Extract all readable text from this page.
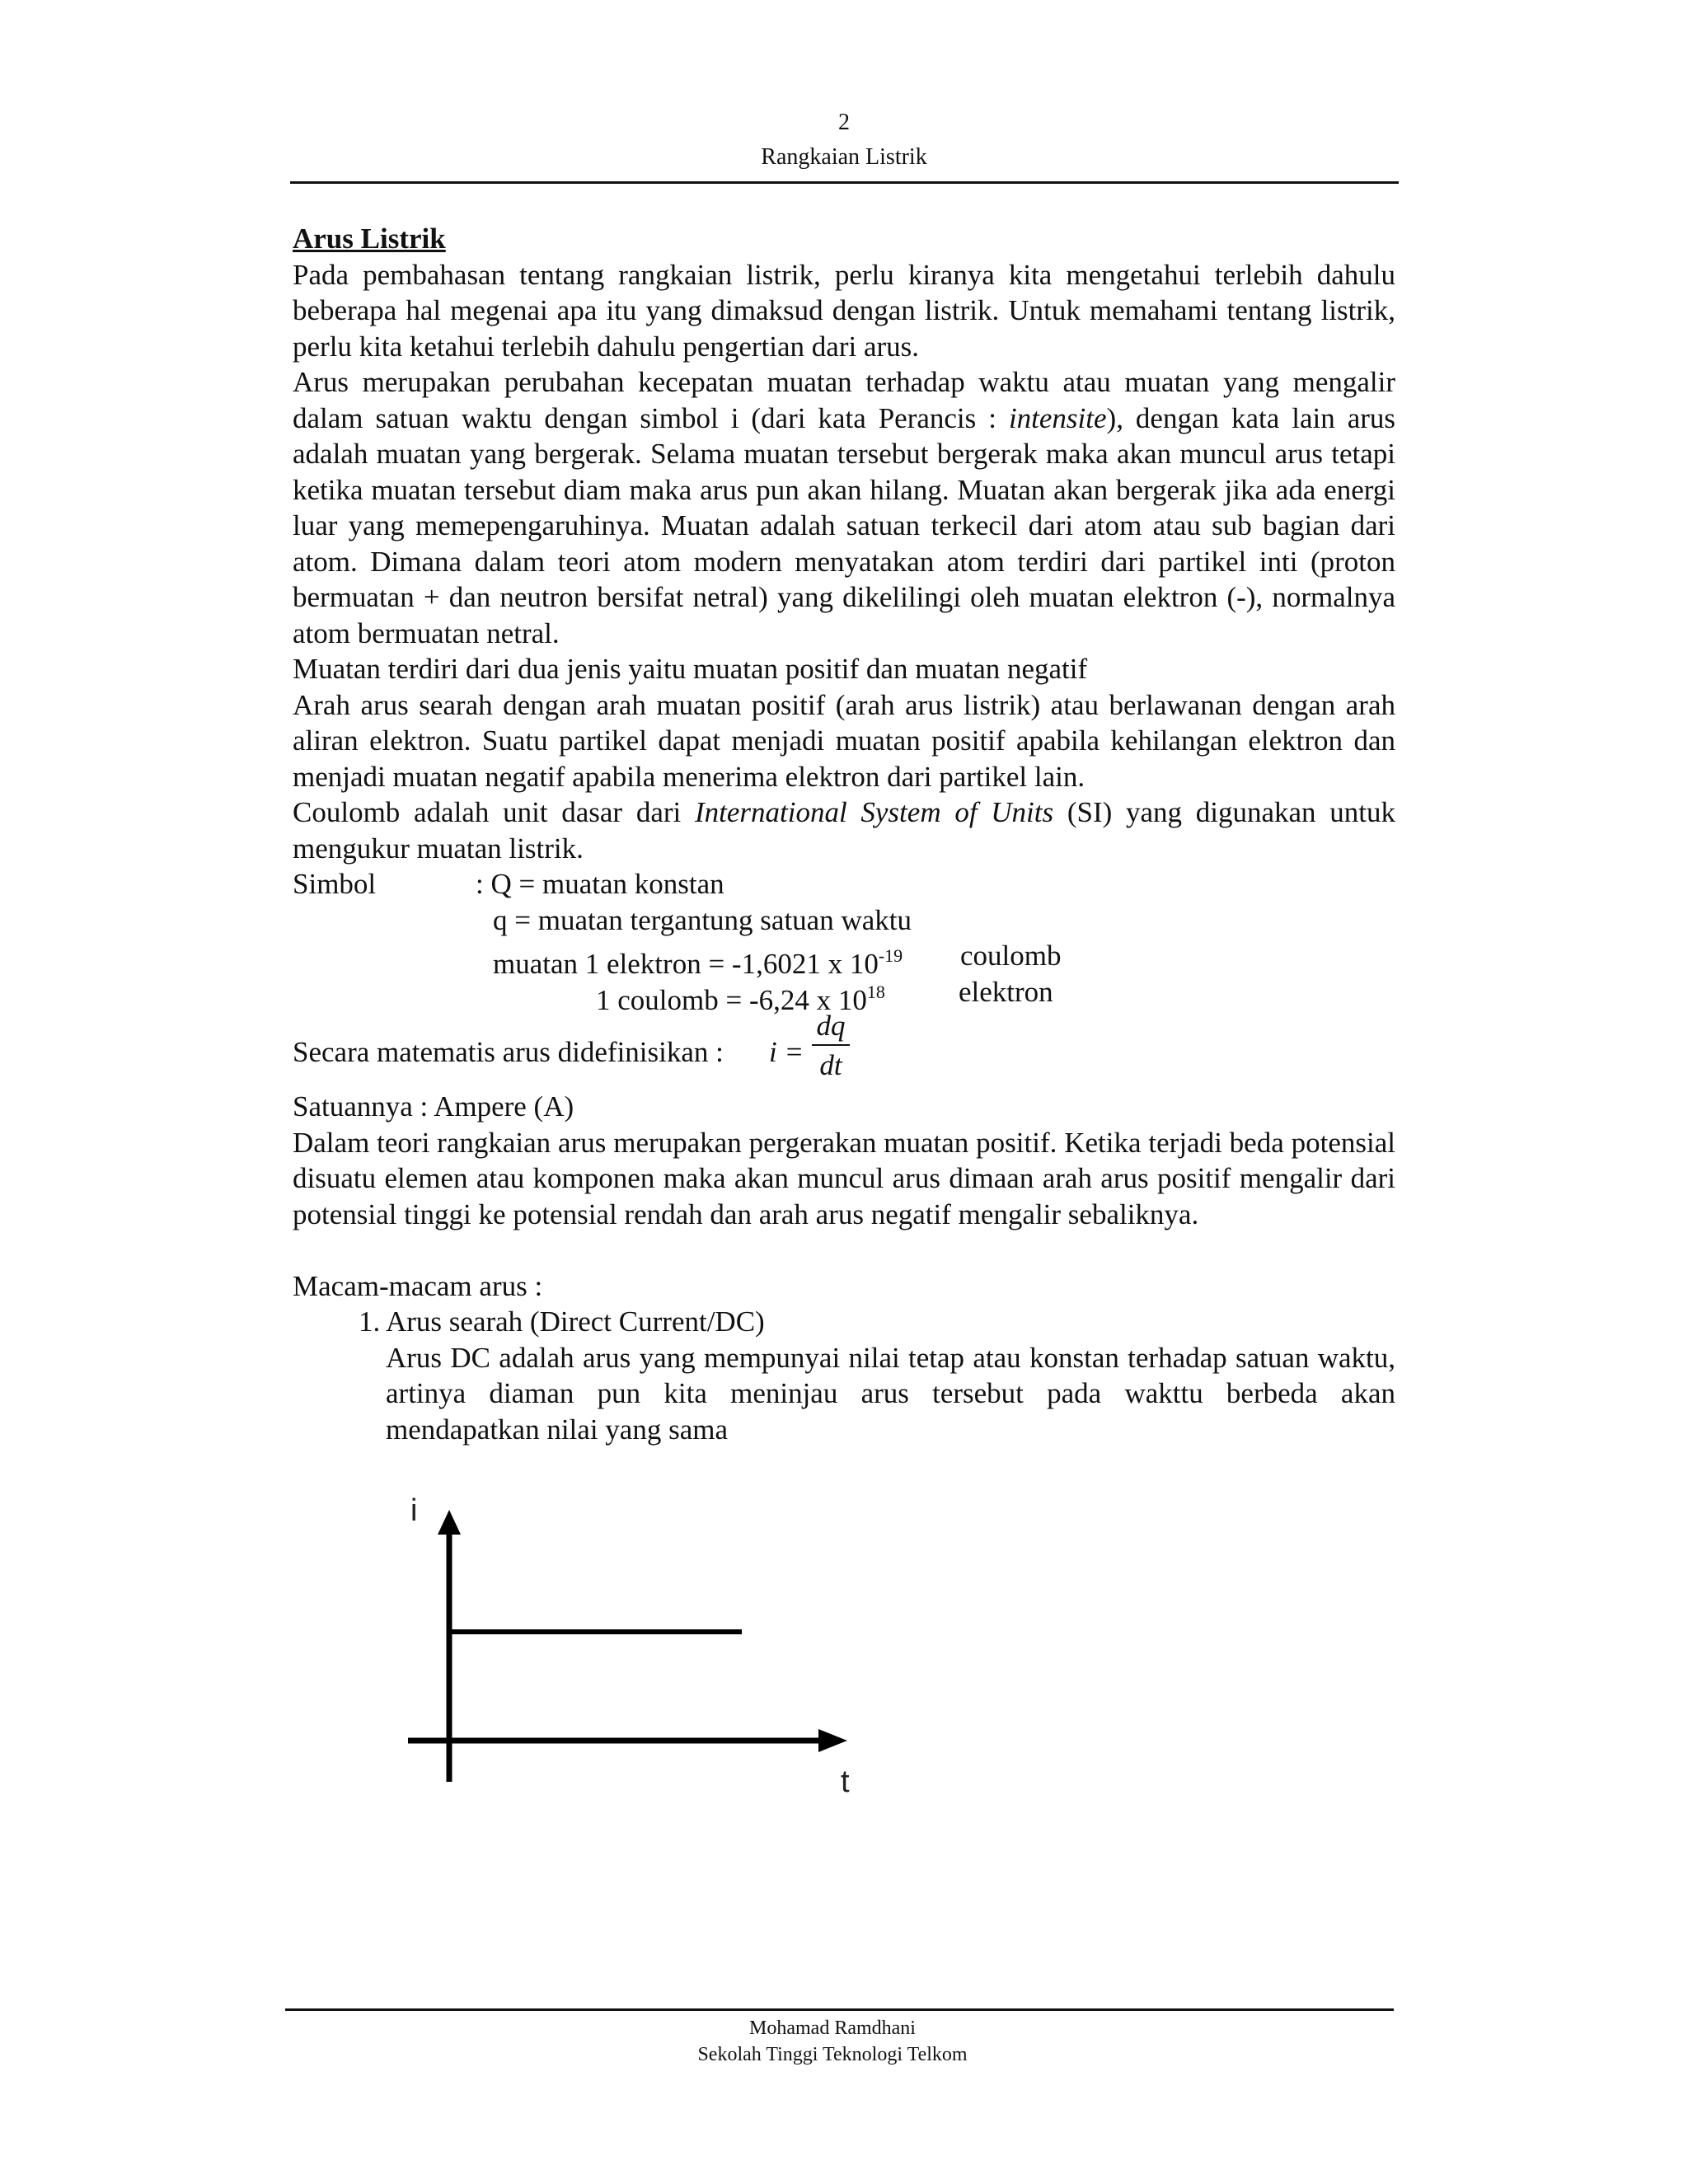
2
Rangkaian Listrik

Arus Listrik

Pada pembahasan tentang rangkaian listrik, perlu kiranya kita mengetahui terlebih dahulu beberapa hal megenai apa itu yang dimaksud dengan listrik. Untuk memahami tentang listrik, perlu kita ketahui terlebih dahulu pengertian dari arus.

Arus merupakan perubahan kecepatan muatan terhadap waktu atau muatan yang mengalir dalam satuan waktu dengan simbol i (dari kata Perancis : intensite), dengan kata lain arus adalah muatan yang bergerak. Selama muatan tersebut bergerak maka akan muncul arus tetapi ketika muatan tersebut diam maka arus pun akan hilang. Muatan akan bergerak jika ada energi luar yang memepengaruhinya. Muatan adalah satuan terkecil dari atom atau sub bagian dari atom. Dimana dalam teori atom modern menyatakan atom terdiri dari partikel inti (proton bermuatan + dan neutron bersifat netral) yang dikelilingi oleh muatan elektron (-), normalnya atom bermuatan netral.

Muatan terdiri dari dua jenis yaitu muatan positif dan muatan negatif

Arah arus searah dengan arah muatan positif (arah arus listrik) atau berlawanan dengan arah aliran elektron. Suatu partikel dapat menjadi muatan positif apabila kehilangan elektron dan menjadi muatan negatif apabila menerima elektron dari partikel lain.

Coulomb adalah unit dasar dari International System of Units (SI) yang digunakan untuk mengukur muatan listrik.

Simbol	: Q = muatan konstan
q = muatan tergantung satuan waktu
muatan 1 elektron = -1,6021 x $10^{-19}$ coulomb
1 coulomb = -6,24 x $10^{18}$	elektron
Secara matematis arus didefinisikan : i =
dq
dt

Satuannya : Ampere (A)

Dalam teori rangkaian arus merupakan pergerakan muatan positif. Ketika terjadi beda potensial disuatu elemen atau komponen maka akan muncul arus dimaan arah arus positif mengalir dari potensial tinggi ke potensial rendah dan arah arus negatif mengalir sebaliknya.

Macam-macam arus :

1. Arus searah (Direct Current/DC)

Arus DC adalah arus yang mempunyai nilai tetap atau konstan terhadap satuan waktu, artinya diaman pun kita meninjau arus tersebut pada wakttu berbeda akan mendapatkan nilai yang sama

i
t
Mohamad Ramdhani
Sekolah Tinggi Teknologi Telkom
